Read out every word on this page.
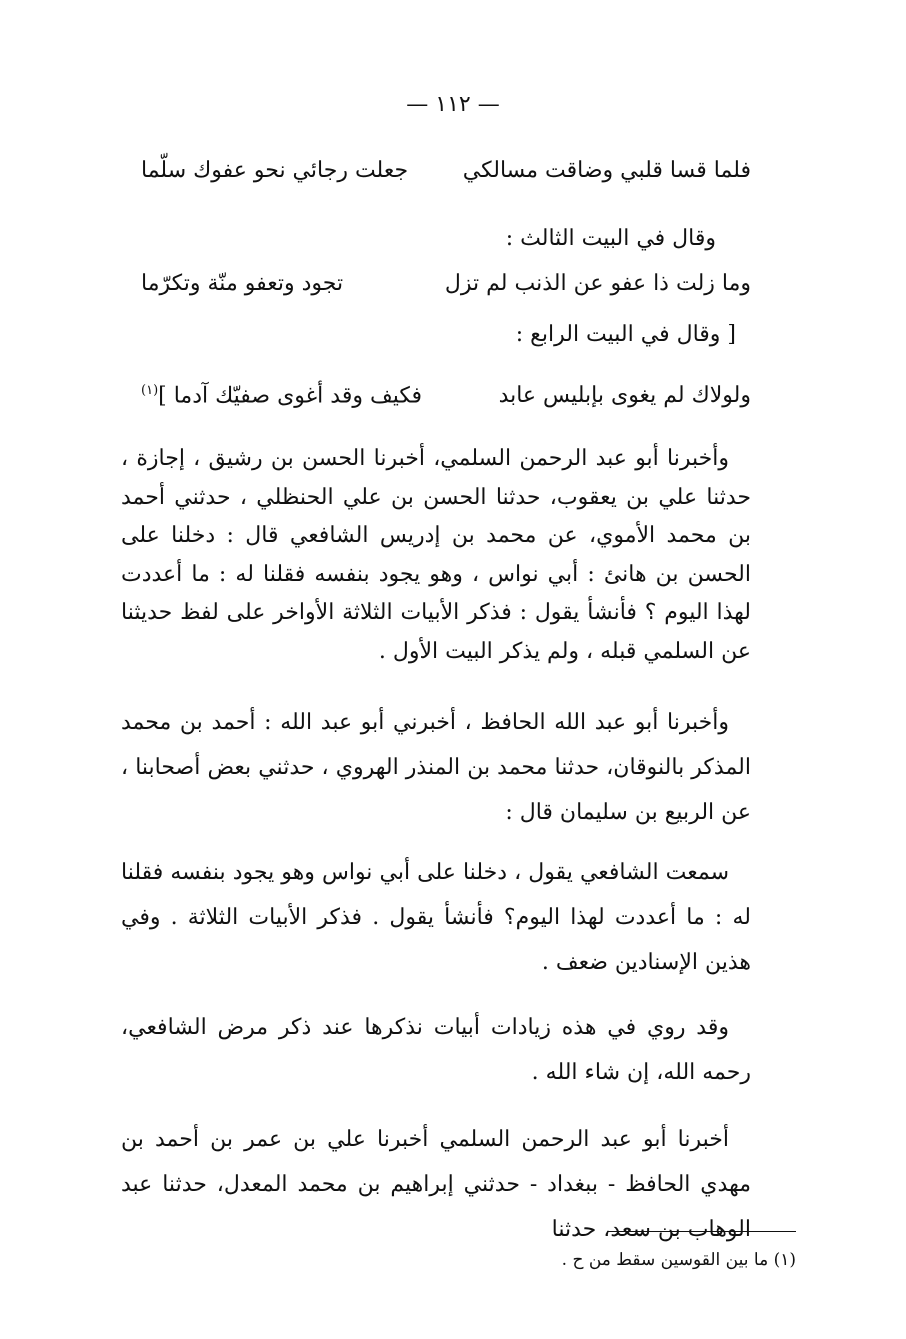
— ١١٢ —
فلما قسا قلبي وضاقت مسالكي
جعلت رجائي نحو عفوك سلّما
وقال في البيت الثالث :
وما زلت ذا عفو عن الذنب لم تزل
تجود وتعفو منّة وتكرّما
[ وقال في البيت الرابع :
ولولاك لم يغوى بإبليس عابد
فكيف وقد أغوى صفيّك آدما ]$^{(١)}$
وأخبرنا أبو عبد الرحمن السلمي، أخبرنا الحسن بن رشيق ، إجازة ، حدثنا علي بن يعقوب، حدثنا الحسن بن علي الحنظلي ، حدثني أحمد بن محمد الأموي، عن محمد بن إدريس الشافعي قال : دخلنا على الحسن بن هانئ : أبي نواس ، وهو يجود بنفسه فقلنا له : ما أعددت لهذا اليوم ؟ فأنشأ يقول : فذكر الأبيات الثلاثة الأواخر على لفظ حديثنا عن السلمي قبله ، ولم يذكر البيت الأول .
وأخبرنا أبو عبد الله الحافظ ، أخبرني أبو عبد الله : أحمد بن محمد المذكر بالنوقان، حدثنا محمد بن المنذر الهروي ، حدثني بعض أصحابنا ، عن الربيع بن سليمان قال :
سمعت الشافعي يقول ، دخلنا على أبي نواس وهو يجود بنفسه فقلنا له : ما أعددت لهذا اليوم؟ فأنشأ يقول . فذكر الأبيات الثلاثة . وفي هذين الإسنادين ضعف .
وقد روي في هذه زيادات أبيات نذكرها عند ذكر مرض الشافعي، رحمه الله، إن شاء الله .
أخبرنا أبو عبد الرحمن السلمي أخبرنا علي بن عمر بن أحمد بن مهدي الحافظ - ببغداد - حدثني إبراهيم بن محمد المعدل، حدثنا عبد الوهاب بن سعد، حدثنا
(١) ما بين القوسين سقط من ح .
